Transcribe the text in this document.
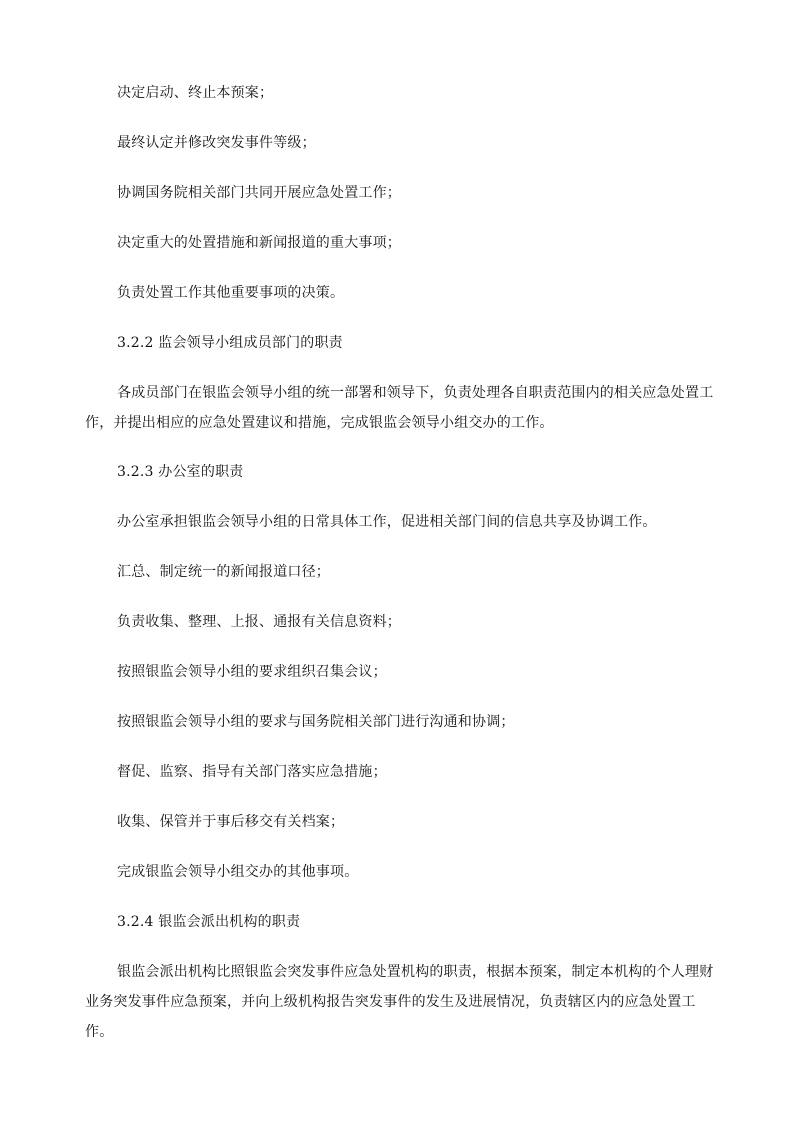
决定启动、终止本预案；

最终认定并修改突发事件等级；

协调国务院相关部门共同开展应急处置工作；

决定重大的处置措施和新闻报道的重大事项；

负责处置工作其他重要事项的决策。

3.2.2 监会领导小组成员部门的职责

各成员部门在银监会领导小组的统一部署和领导下，负责处理各自职责范围内的相关应急处置工作，并提出相应的应急处置建议和措施，完成银监会领导小组交办的工作。

3.2.3 办公室的职责

办公室承担银监会领导小组的日常具体工作，促进相关部门间的信息共享及协调工作。

汇总、制定统一的新闻报道口径；

负责收集、整理、上报、通报有关信息资料；

按照银监会领导小组的要求组织召集会议；

按照银监会领导小组的要求与国务院相关部门进行沟通和协调；

督促、监察、指导有关部门落实应急措施；

收集、保管并于事后移交有关档案；

完成银监会领导小组交办的其他事项。

3.2.4 银监会派出机构的职责

银监会派出机构比照银监会突发事件应急处置机构的职责，根据本预案，制定本机构的个人理财业务突发事件应急预案，并向上级机构报告突发事件的发生及进展情况，负责辖区内的应急处置工作。
